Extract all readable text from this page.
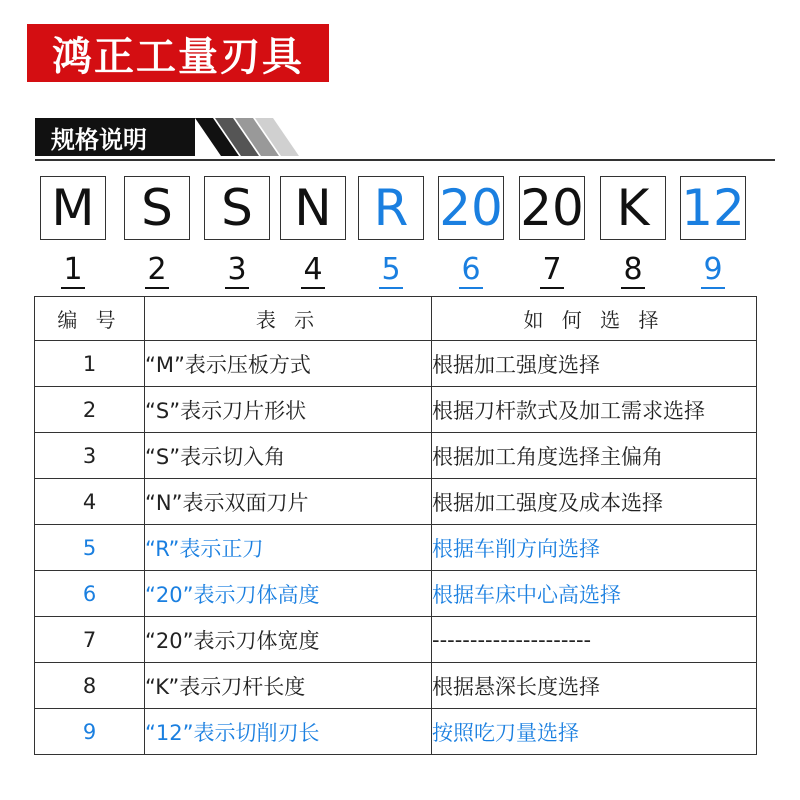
鸿正工量刃具
规格说明
M
1
S
2
S
3
N
4
R
5
20
6
20
7
K
8
12
9
编 号	表 示	如 何 选 择
1	“M”表示压板方式	根据加工强度选择
2	“S”表示刀片形状	根据刀杆款式及加工需求选择
3	“S”表示切入角	根据加工角度选择主偏角
4	“N”表示双面刀片	根据加工强度及成本选择
5	“R”表示正刀	根据车削方向选择
6	“20”表示刀体高度	根据车床中心高选择
7	“20”表示刀体宽度	---------------------
8	“K”表示刀杆长度	根据悬深长度选择
9	“12”表示切削刃长	按照吃刀量选择
